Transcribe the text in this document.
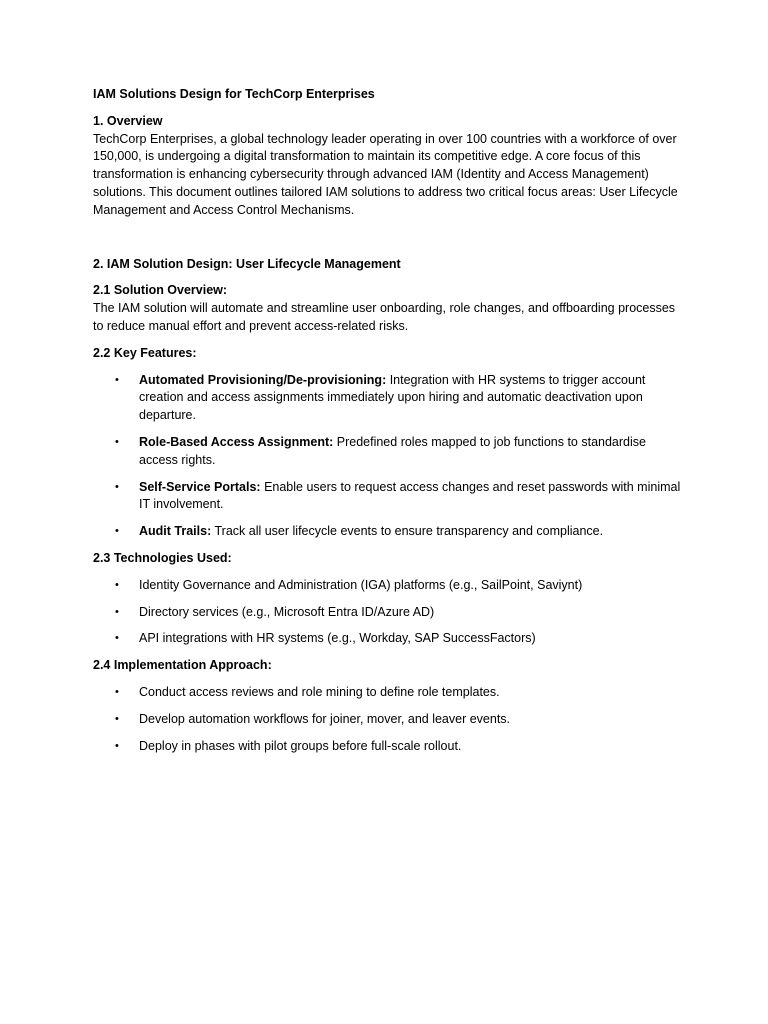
IAM Solutions Design for TechCorp Enterprises

1. Overview

TechCorp Enterprises, a global technology leader operating in over 100 countries with a workforce of over 150,000, is undergoing a digital transformation to maintain its competitive edge. A core focus of this transformation is enhancing cybersecurity through advanced IAM (Identity and Access Management) solutions. This document outlines tailored IAM solutions to address two critical focus areas: User Lifecycle Management and Access Control Mechanisms.

2. IAM Solution Design: User Lifecycle Management

2.1 Solution Overview:

The IAM solution will automate and streamline user onboarding, role changes, and offboarding processes to reduce manual effort and prevent access-related risks.

2.2 Key Features:

• Automated Provisioning/De-provisioning: Integration with HR systems to trigger account creation and access assignments immediately upon hiring and automatic deactivation upon departure.
• Role-Based Access Assignment: Predefined roles mapped to job functions to standardise access rights.
• Self-Service Portals: Enable users to request access changes and reset passwords with minimal IT involvement.
• Audit Trails: Track all user lifecycle events to ensure transparency and compliance.

2.3 Technologies Used:

• Identity Governance and Administration (IGA) platforms (e.g., SailPoint, Saviynt)
• Directory services (e.g., Microsoft Entra ID/Azure AD)
• API integrations with HR systems (e.g., Workday, SAP SuccessFactors)

2.4 Implementation Approach:

• Conduct access reviews and role mining to define role templates.
• Develop automation workflows for joiner, mover, and leaver events.
• Deploy in phases with pilot groups before full-scale rollout.
